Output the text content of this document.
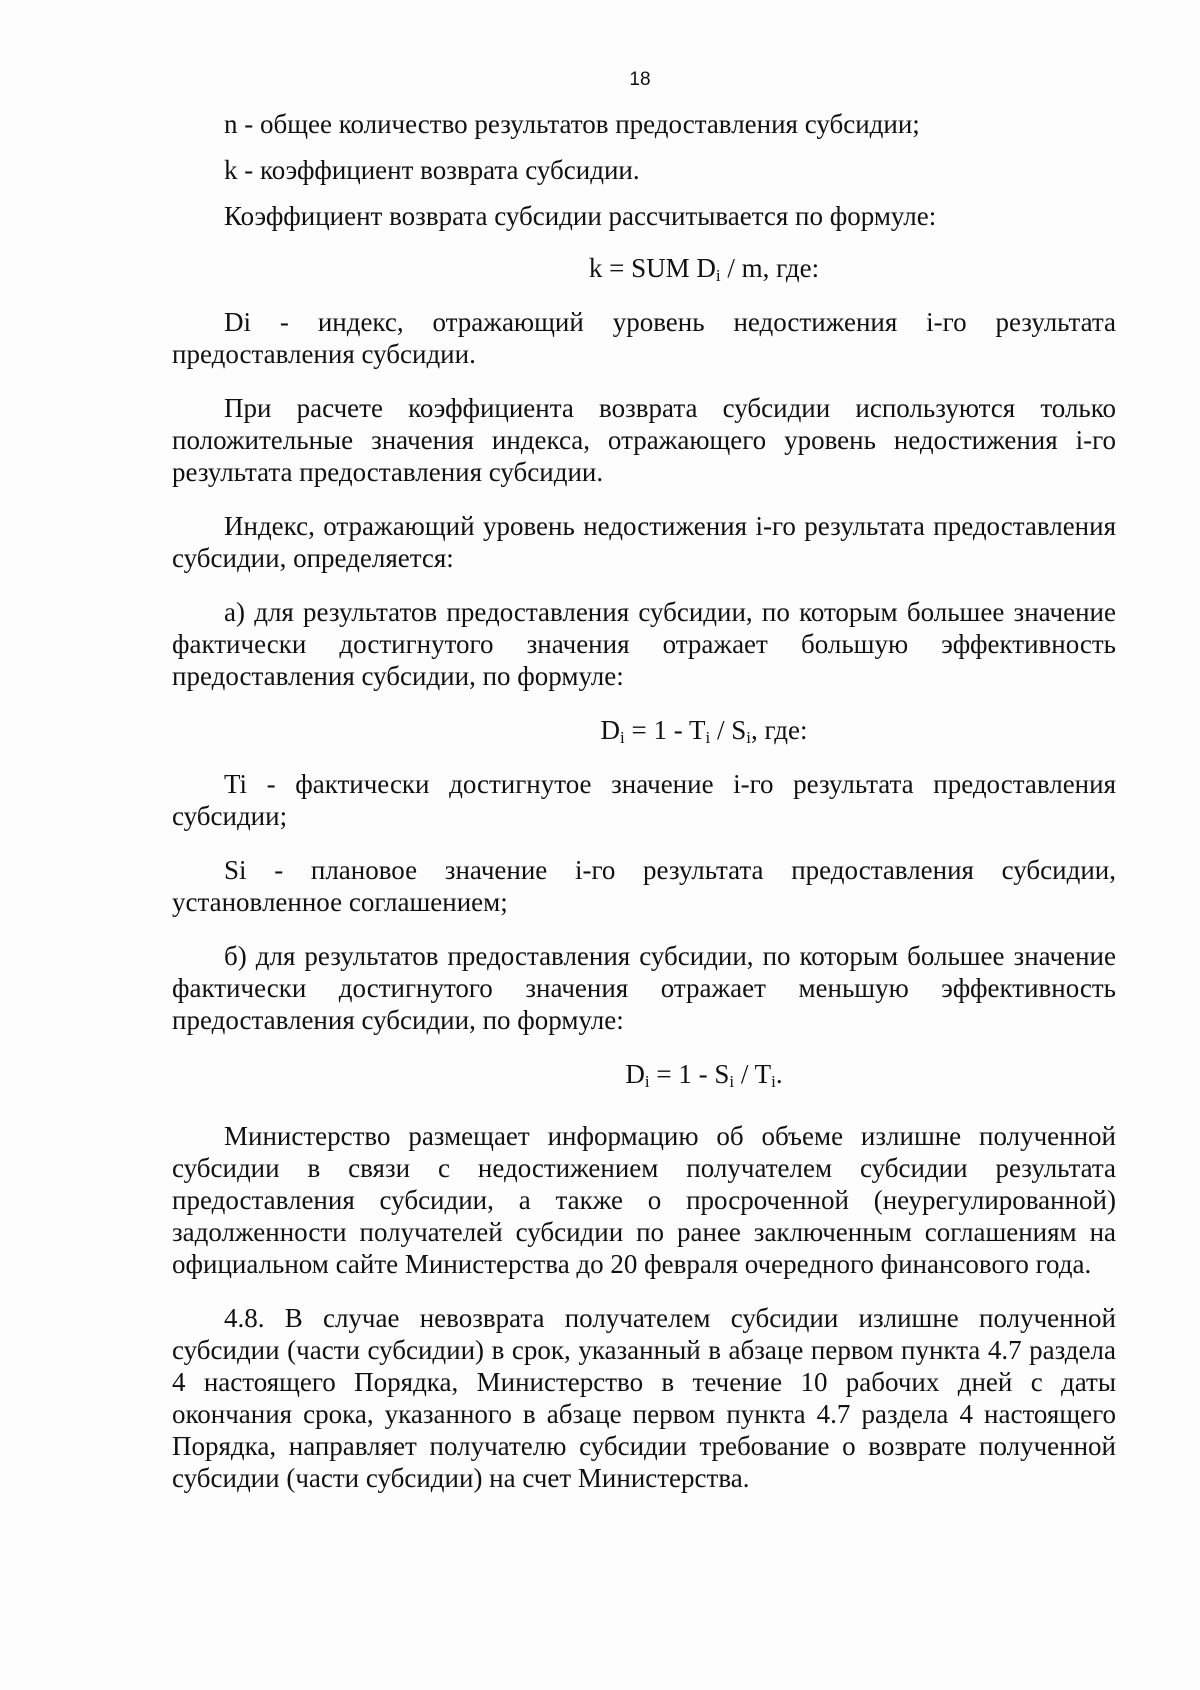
18

n - общее количество результатов предоставления субсидии;

k - коэффициент возврата субсидии.

Коэффициент возврата субсидии рассчитывается по формуле:

k = SUM $D_i$ / m, где:

Di - индекс, отражающий уровень недостижения i-го результата предоставления субсидии.

При расчете коэффициента возврата субсидии используются только положительные значения индекса, отражающего уровень недостижения i-го результата предоставления субсидии.

Индекс, отражающий уровень недостижения i-го результата предоставления субсидии, определяется:

а) для результатов предоставления субсидии, по которым большее значение фактически достигнутого значения отражает большую эффективность предоставления субсидии, по формуле:

$D_i = 1 - T_i / S_i$, где:

Ti - фактически достигнутое значение i-го результата предоставления субсидии;

Si - плановое значение i-го результата предоставления субсидии, установленное соглашением;

б) для результатов предоставления субсидии, по которым большее значение фактически достигнутого значения отражает меньшую эффективность предоставления субсидии, по формуле:

$D_i = 1 - S_i / T_i$.

Министерство размещает информацию об объеме излишне полученной субсидии в связи с недостижением получателем субсидии результата предоставления субсидии, а также о просроченной (неурегулированной) задолженности получателей субсидии по ранее заключенным соглашениям на официальном сайте Министерства до 20 февраля очередного финансового года.

4.8. В случае невозврата получателем субсидии излишне полученной субсидии (части субсидии) в срок, указанный в абзаце первом пункта 4.7 раздела 4 настоящего Порядка, Министерство в течение 10 рабочих дней с даты окончания срока, указанного в абзаце первом пункта 4.7 раздела 4 настоящего Порядка, направляет получателю субсидии требование о возврате полученной субсидии (части субсидии) на счет Министерства.
